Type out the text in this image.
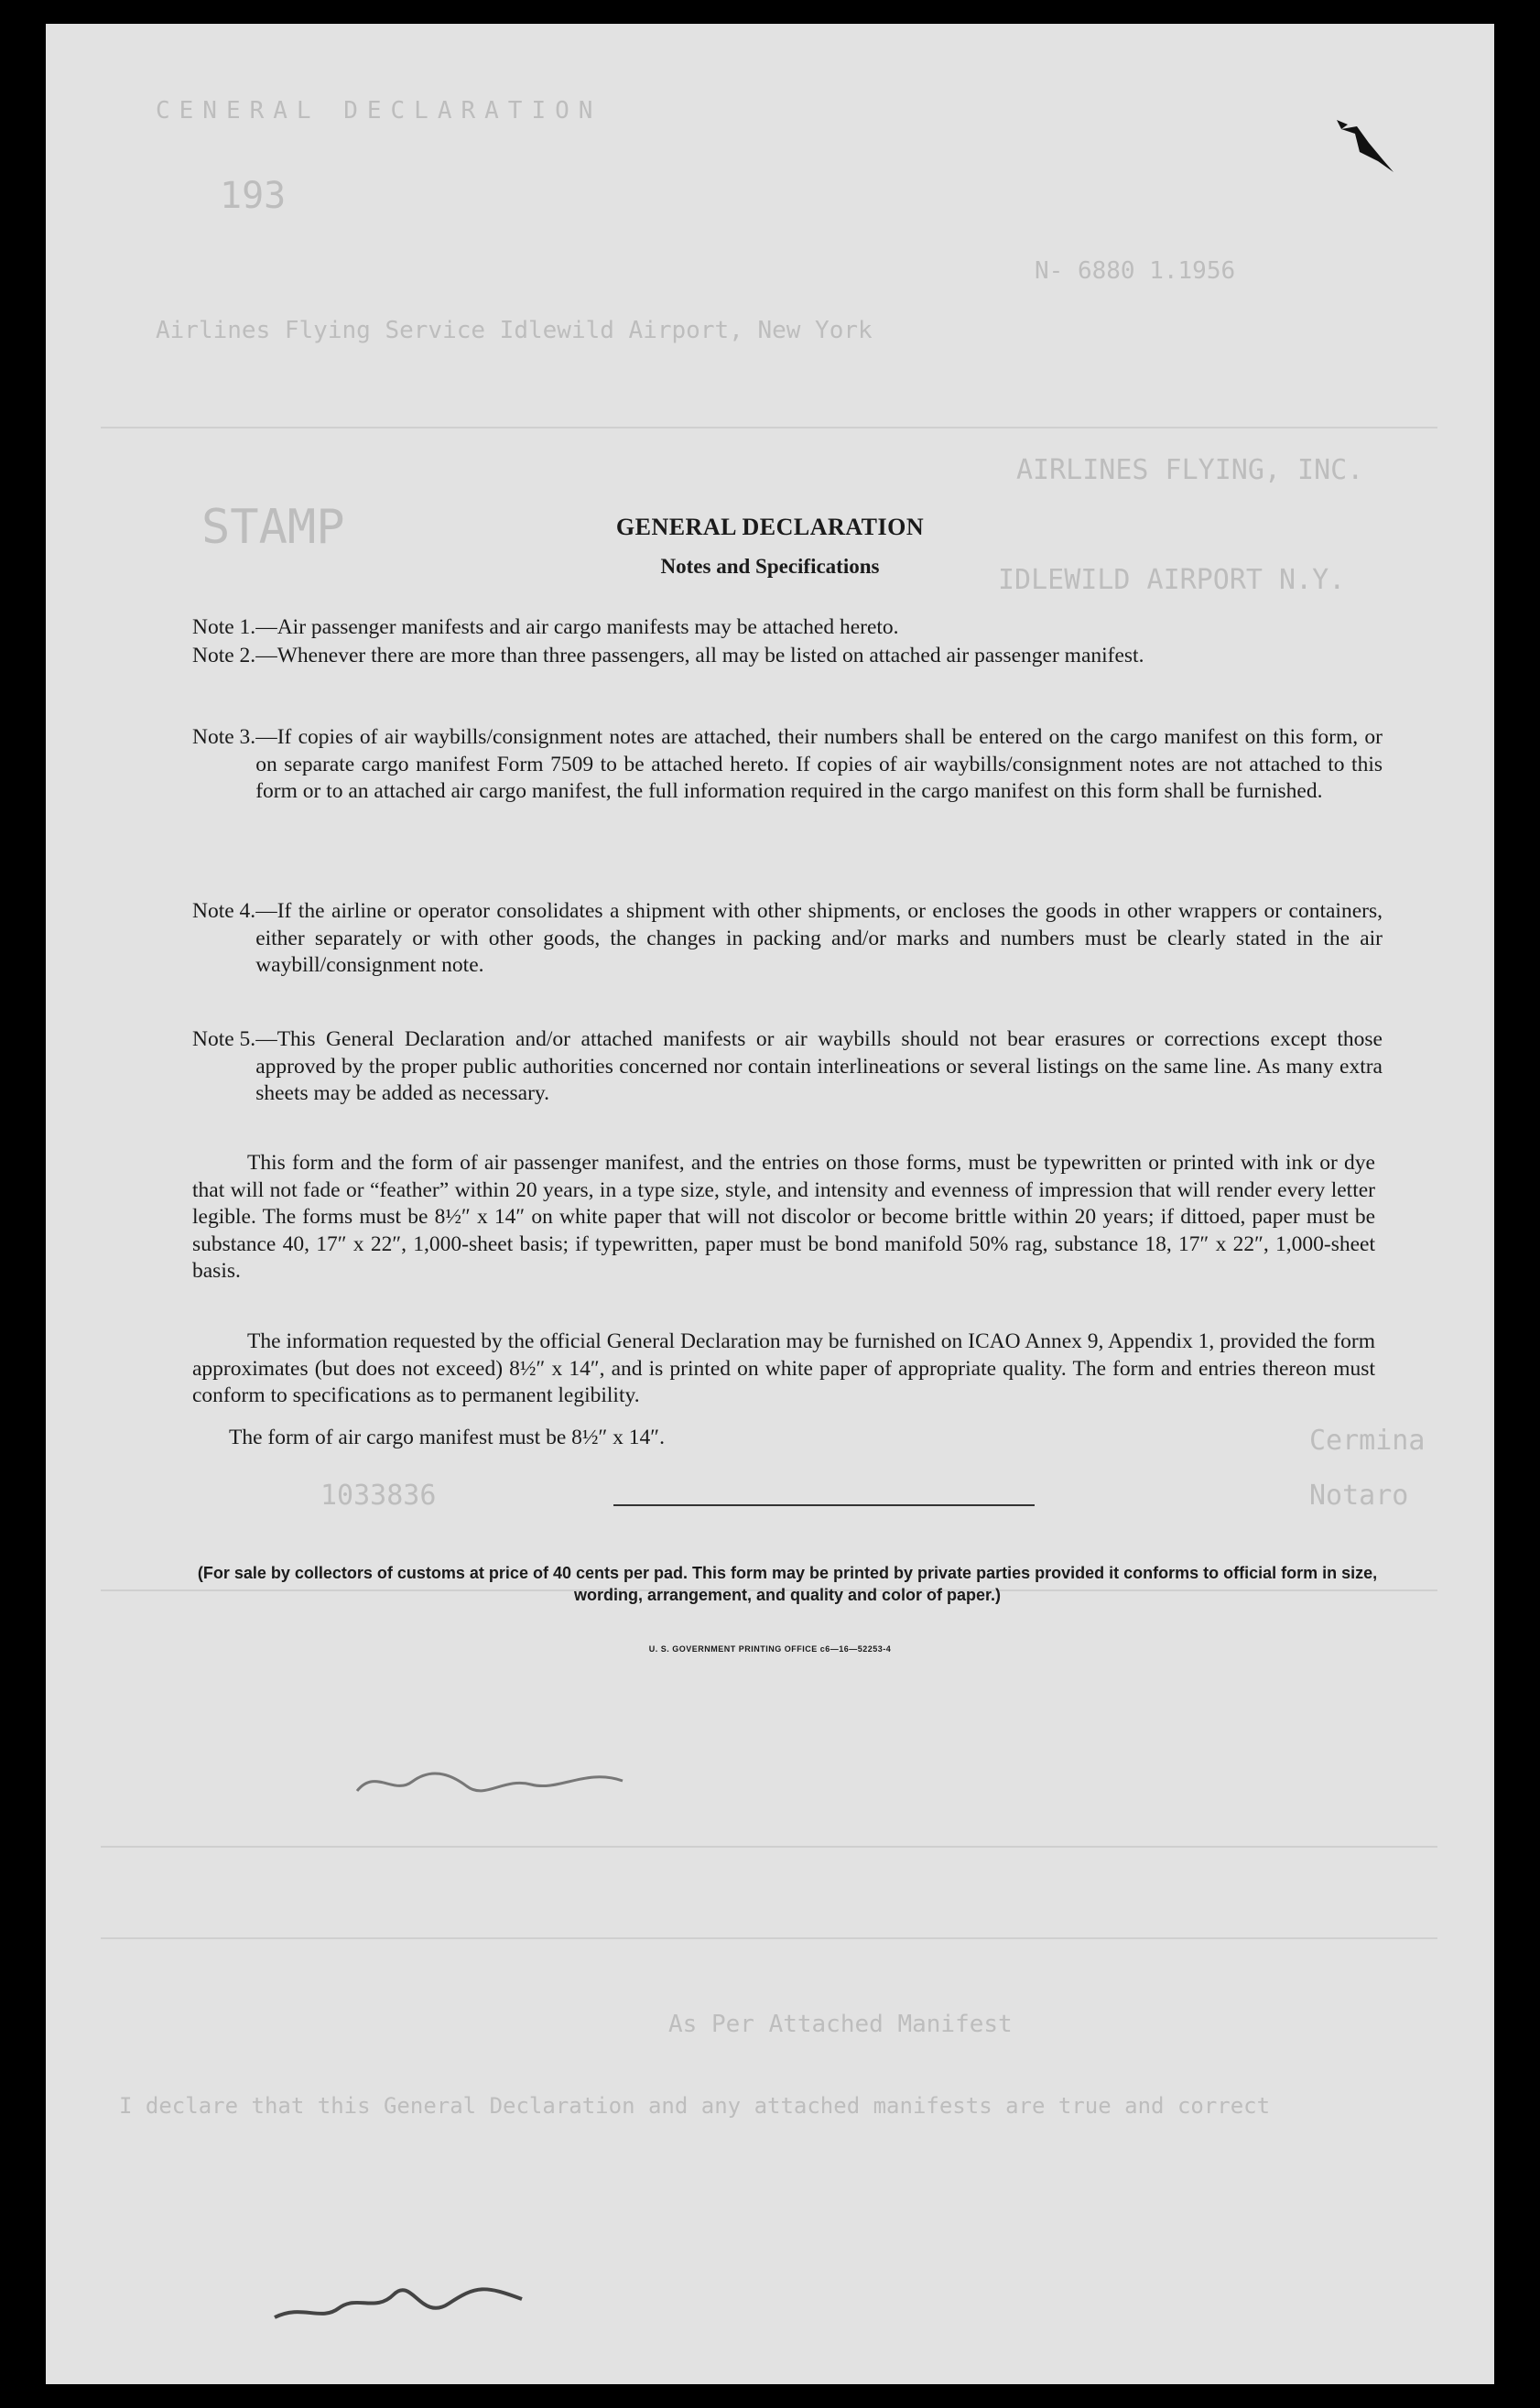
CENERAL DECLARATION
193
N- 6880 1.1956
Airlines Flying Service Idlewild Airport, New York
AIRLINES FLYING, INC.
STAMP
IDLEWILD AIRPORT N.Y.
Cermina
Notaro
1033836
As Per Attached Manifest
I declare that this General Declaration and any attached manifests are true and correct
GENERAL DECLARATION
Notes and Specifications
Note 1. —Air passenger manifests and air cargo manifests may be attached hereto.
Note 2. —Whenever there are more than three passengers, all may be listed on attached air passenger manifest.
Note 3. —If copies of air waybills/consignment notes are attached, their numbers shall be entered on the cargo manifest on this form, or on separate cargo manifest Form 7509 to be attached hereto. If copies of air waybills/consignment notes are not attached to this form or to an attached air cargo manifest, the full information required in the cargo manifest on this form shall be furnished.
Note 4. —If the airline or operator consolidates a shipment with other shipments, or encloses the goods in other wrappers or containers, either separately or with other goods, the changes in packing and/or marks and numbers must be clearly stated in the air waybill/consignment note.
Note 5. —This General Declaration and/or attached manifests or air waybills should not bear erasures or corrections except those approved by the proper public authorities concerned nor contain interlineations or several listings on the same line. As many extra sheets may be added as necessary.
This form and the form of air passenger manifest, and the entries on those forms, must be typewritten or printed with ink or dye that will not fade or “feather” within 20 years, in a type size, style, and intensity and evenness of impression that will render every letter legible. The forms must be 8½″ x 14″ on white paper that will not discolor or become brittle within 20 years; if dittoed, paper must be substance 40, 17″ x 22″, 1,000-sheet basis; if typewritten, paper must be bond manifold 50% rag, substance 18, 17″ x 22″, 1,000-sheet basis.
The information requested by the official General Declaration may be furnished on ICAO Annex 9, Appendix 1, provided the form approximates (but does not exceed) 8½″ x 14″, and is printed on white paper of appropriate quality. The form and entries thereon must conform to specifications as to permanent legibility.
The form of air cargo manifest must be 8½″ x 14″.
(For sale by collectors of customs at price of 40 cents per pad. This form may be printed by private parties provided it conforms to official form in size, wording, arrangement, and quality and color of paper.)
U. S. GOVERNMENT PRINTING OFFICE c6—16—52253-4
